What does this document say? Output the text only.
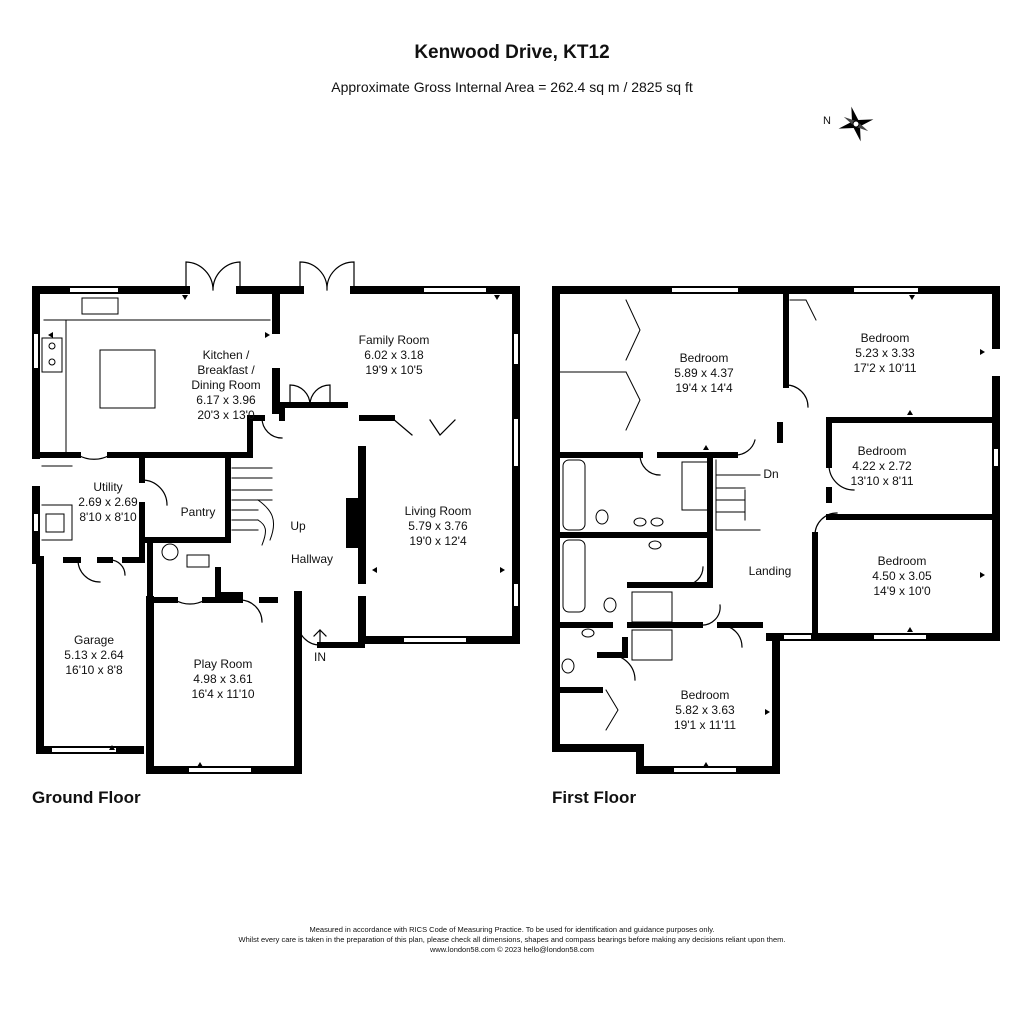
Kenwood Drive, KT12
Approximate Gross Internal Area = 262.4 sq m / 2825 sq ft
N
Kitchen /
Breakfast /
Dining Room
6.17 x 3.96
20'3 x 13'0
Family Room
6.02 x 3.18
19'9 x 10'5
Utility
2.69 x 2.69
8'10 x 8'10	Pantry	Living Room
5.79 x 3.76
19'0 x 12'4
Up
Hallway
IN
Garage
5.13 x 2.64
16'10 x 8'8	Play Room
4.98 x 3.61
16'4 x 11'10
Ground Floor
Bedroom
5.89 x 4.37
19'4 x 14'4
Bedroom
5.23 x 3.33
17'2 x 10'11
Bedroom
4.22 x 2.72
13'10 x 8'11
Bedroom
4.50 x 3.05
14'9 x 10'0
Bedroom
5.82 x 3.63
19'1 x 11'11
Dn
Landing
First Floor
Measured in accordance with RICS Code of Measuring Practice. To be used for identification and guidance purposes only.
Whilst every care is taken in the preparation of this plan, please check all dimensions, shapes and compass bearings before making any decisions reliant upon them.
www.london58.com © 2023 hello@london58.com
